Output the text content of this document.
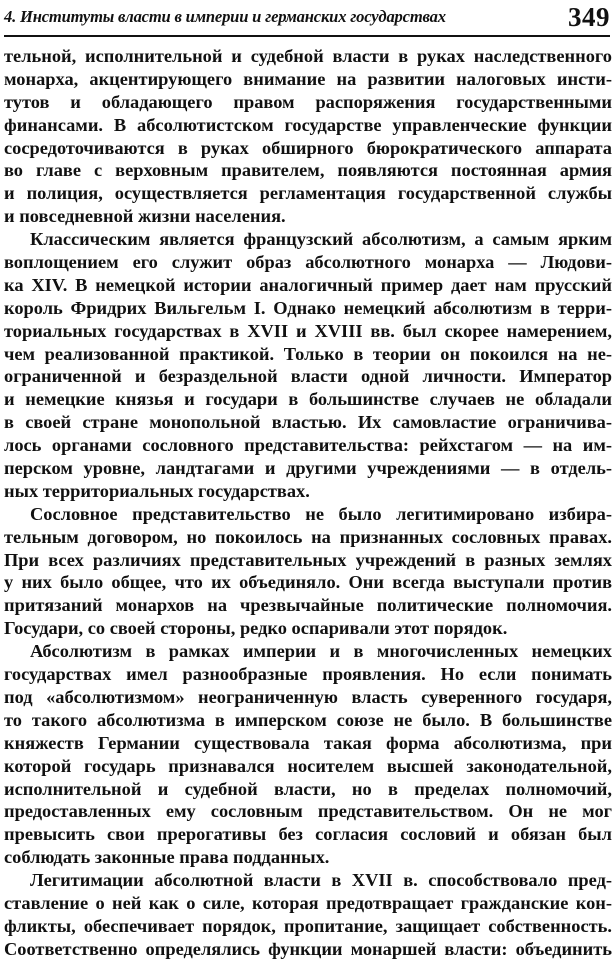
4. Институты власти в империи и германских государствах	349
тельной, исполнительной и судебной власти в руках наследственного
монарха, акцентирующего внимание на развитии налоговых инсти-
тутов и обладающего правом распоряжения государственными
финансами. В абсолютистском государстве управленческие функции
сосредоточиваются в руках обширного бюрократического аппарата
во главе с верховным правителем, появляются постоянная армия
и полиция, осуществляется регламентация государственной службы
и повседневной жизни населения.
Классическим является французский абсолютизм, а самым ярким
воплощением его служит образ абсолютного монарха — Людови-
ка XIV. В немецкой истории аналогичный пример дает нам прусский
король Фридрих Вильгельм I. Однако немецкий абсолютизм в терри-
ториальных государствах в XVII и XVIII вв. был скорее намерением,
чем реализованной практикой. Только в теории он покоился на не-
ограниченной и безраздельной власти одной личности. Император
и немецкие князья и государи в большинстве случаев не обладали
в своей стране монопольной властью. Их самовластие ограничива-
лось органами сословного представительства: рейхстагом — на им-
перском уровне, ландтагами и другими учреждениями — в отдель-
ных территориальных государствах.
Сословное представительство не было легитимировано избира-
тельным договором, но покоилось на признанных сословных правах.
При всех различиях представительных учреждений в разных землях
у них было общее, что их объединяло. Они всегда выступали против
притязаний монархов на чрезвычайные политические полномочия.
Государи, со своей стороны, редко оспаривали этот порядок.
Абсолютизм в рамках империи и в многочисленных немецких
государствах имел разнообразные проявления. Но если понимать
под «абсолютизмом» неограниченную власть суверенного государя,
то такого абсолютизма в имперском союзе не было. В большинстве
княжеств Германии существовала такая форма абсолютизма, при
которой государь признавался носителем высшей законодательной,
исполнительной и судебной власти, но в пределах полномочий,
предоставленных ему сословным представительством. Он не мог
превысить свои прерогативы без согласия сословий и обязан был
соблюдать законные права подданных.
Легитимации абсолютной власти в XVII в. способствовало пред-
ставление о ней как о силе, которая предотвращает гражданские кон-
фликты, обеспечивает порядок, пропитание, защищает собственность.
Соответственно определялись функции монаршей власти: объединить
